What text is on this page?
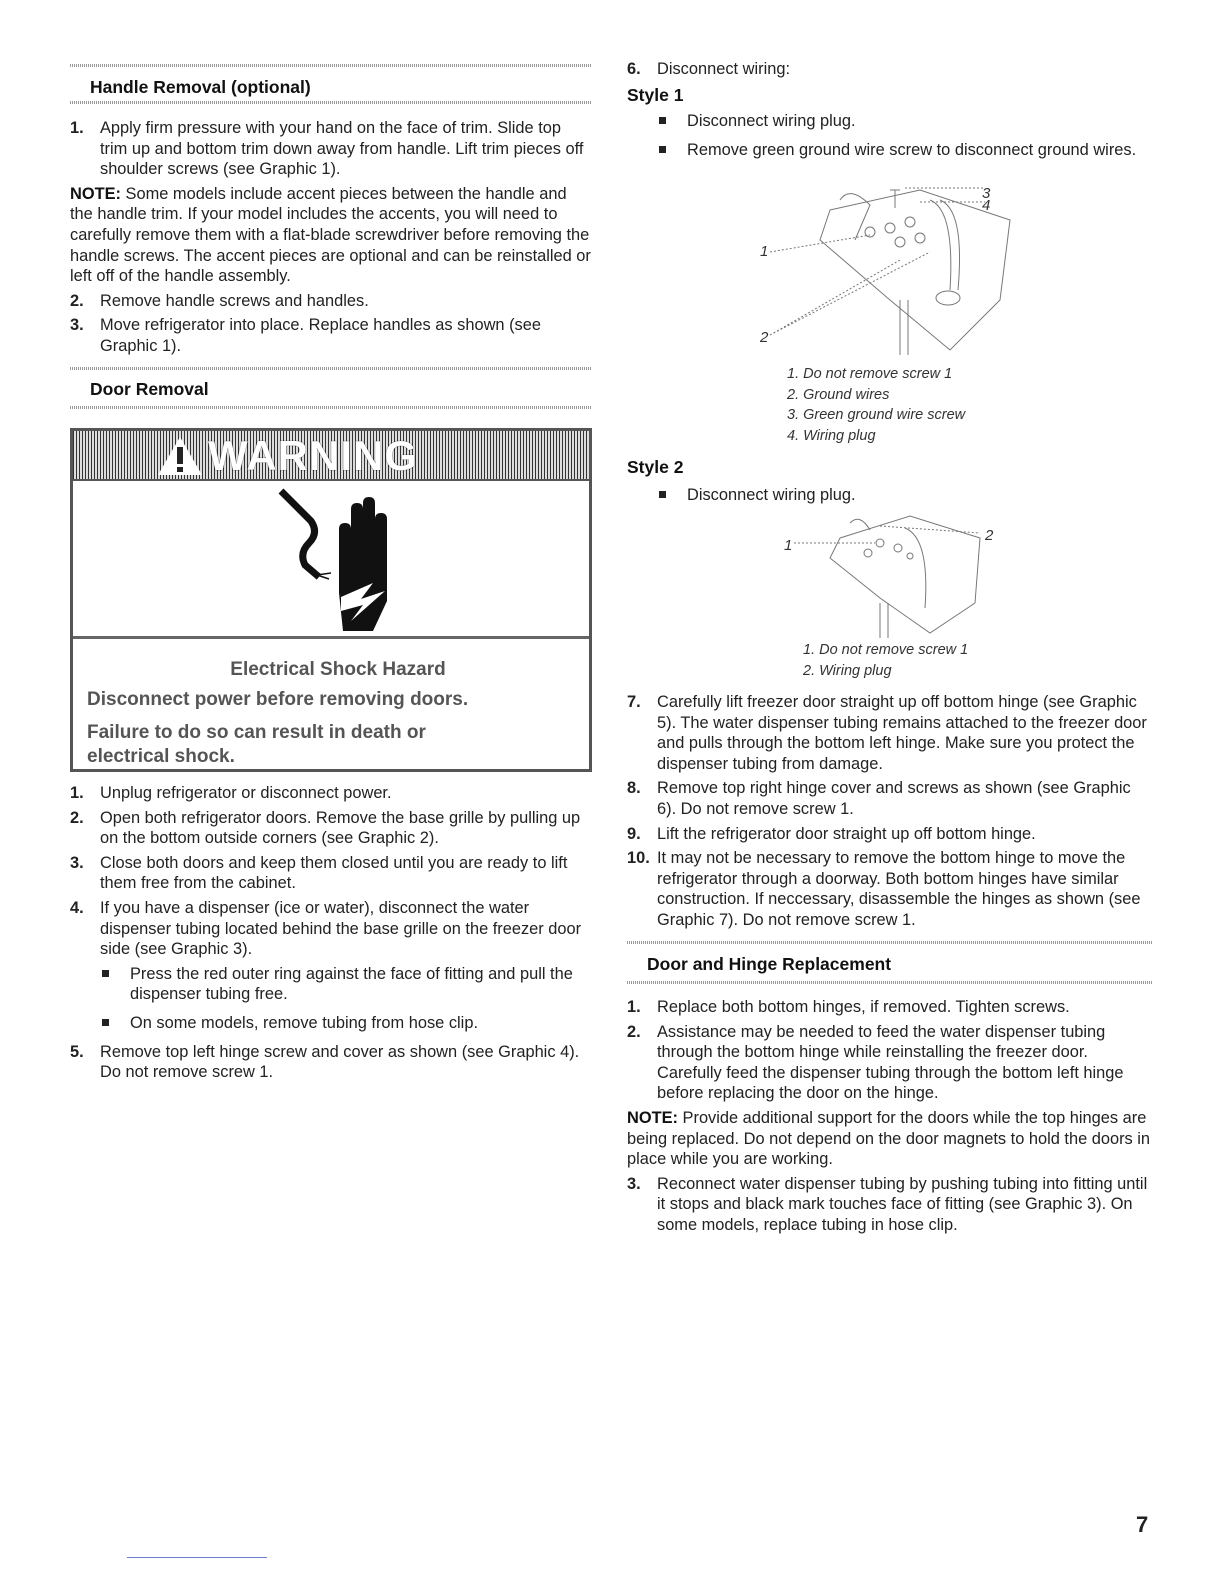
Handle Removal (optional)
1. Apply firm pressure with your hand on the face of trim. Slide top trim up and bottom trim down away from handle. Lift trim pieces off shoulder screws (see Graphic 1).
NOTE: Some models include accent pieces between the handle and the handle trim. If your model includes the accents, you will need to carefully remove them with a flat-blade screwdriver before removing the handle screws. The accent pieces are optional and can be reinstalled or left off of the handle assembly.
2. Remove handle screws and handles.
3. Move refrigerator into place. Replace handles as shown (see Graphic 1).
Door Removal
WARNING
Electrical Shock Hazard
Disconnect power before removing doors.
Failure to do so can result in death or electrical shock.
1. Unplug refrigerator or disconnect power.
2. Open both refrigerator doors. Remove the base grille by pulling up on the bottom outside corners (see Graphic 2).
3. Close both doors and keep them closed until you are ready to lift them free from the cabinet.
4. If you have a dispenser (ice or water), disconnect the water dispenser tubing located behind the base grille on the freezer door side (see Graphic 3).
Press the red outer ring against the face of fitting and pull the dispenser tubing free.
On some models, remove tubing from hose clip.
5. Remove top left hinge screw and cover as shown (see Graphic 4). Do not remove screw 1.
6. Disconnect wiring:
Style 1
Disconnect wiring plug.
Remove green ground wire screw to disconnect ground wires.
1
2
3
4
1. Do not remove screw 1
2. Ground wires
3. Green ground wire screw
4. Wiring plug
Style 2
Disconnect wiring plug.
1
2
1. Do not remove screw 1
2. Wiring plug
7. Carefully lift freezer door straight up off bottom hinge (see Graphic 5). The water dispenser tubing remains attached to the freezer door and pulls through the bottom left hinge. Make sure you protect the dispenser tubing from damage.
8. Remove top right hinge cover and screws as shown (see Graphic 6). Do not remove screw 1.
9. Lift the refrigerator door straight up off bottom hinge.
10. It may not be necessary to remove the bottom hinge to move the refrigerator through a doorway. Both bottom hinges have similar construction. If neccessary, disassemble the hinges as shown (see Graphic 7). Do not remove screw 1.
Door and Hinge Replacement
1. Replace both bottom hinges, if removed. Tighten screws.
2. Assistance may be needed to feed the water dispenser tubing through the bottom hinge while reinstalling the freezer door. Carefully feed the dispenser tubing through the bottom left hinge before replacing the door on the hinge.
NOTE: Provide additional support for the doors while the top hinges are being replaced. Do not depend on the door magnets to hold the doors in place while you are working.
3. Reconnect water dispenser tubing by pushing tubing into fitting until it stops and black mark touches face of fitting (see Graphic 3). On some models, replace tubing in hose clip.
7
